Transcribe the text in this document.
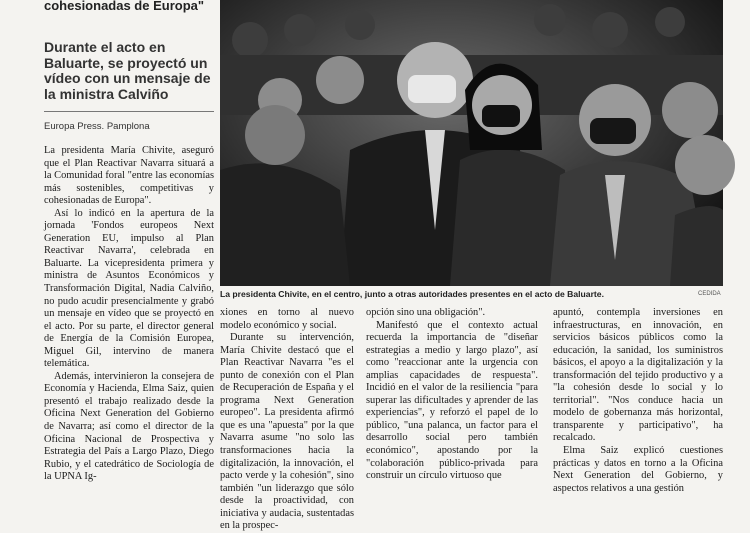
cohesionadas de Europa"
Durante el acto en Baluarte, se proyectó un vídeo con un mensaje de la ministra Calviño
Europa Press. Pamplona

La presidenta María Chivite, aseguró que el Plan Reactivar Navarra situará a la Comunidad foral "entre las economías más sostenibles, competitivas y cohesionadas de Europa".

Así lo indicó en la apertura de la jornada 'Fondos europeos Next Generation EU, impulso al Plan Reactivar Navarra', celebrada en Baluarte. La vicepresidenta primera y ministra de Asuntos Económicos y Transformación Digital, Nadia Calviño, no pudo acudir presencialmente y grabó un mensaje en vídeo que se proyectó en el acto. Por su parte, el director general de Energía de la Comisión Europea, Miguel Gil, intervino de manera telemática.

Además, intervinieron la consejera de Economía y Hacienda, Elma Saiz, quien presentó el trabajo realizado desde la Oficina Next Generation del Gobierno de Navarra; así como el director de la Oficina Nacional de Prospectiva y Estrategia del País a Largo Plazo, Diego Rubio, y el catedrático de Sociología de la UPNA Ig-

La presidenta Chivite, en el centro, junto a otras autoridades presentes en el acto de Baluarte.	CEDIDA

xiones en torno al nuevo modelo económico y social.

Durante su intervención, María Chivite destacó que el Plan Reactivar Navarra "es el punto de conexión con el Plan de Recuperación de España y el programa Next Generation europeo". La presidenta afirmó que es una "apuesta" por la que Navarra asume "no solo las transformaciones hacia la digitalización, la innovación, el pacto verde y la cohesión", sino también "un liderazgo que sólo desde la proactividad, con iniciativa y audacia, sustentadas en la prospec-

opción sino una obligación".

Manifestó que el contexto actual recuerda la importancia de "diseñar estrategias a medio y largo plazo", así como "reaccionar ante la urgencia con amplias capacidades de respuesta". Incidió en el valor de la resiliencia "para superar las dificultades y aprender de las experiencias", y reforzó el papel de lo público, "una palanca, un factor para el desarrollo social pero también económico", apostando por la "colaboración público-privada para construir un círculo virtuoso que

apuntó, contempla inversiones en infraestructuras, en innovación, en servicios básicos públicos como la educación, la sanidad, los suministros básicos, el apoyo a la digitalización y la transformación del tejido productivo y a "la cohesión desde lo social y lo territorial". "Nos conduce hacia un modelo de gobernanza más horizontal, transparente y participativo", ha recalcado.

Elma Saiz explicó cuestiones prácticas y datos en torno a la Oficina Next Generation del Gobierno, y aspectos relativos a una gestión
